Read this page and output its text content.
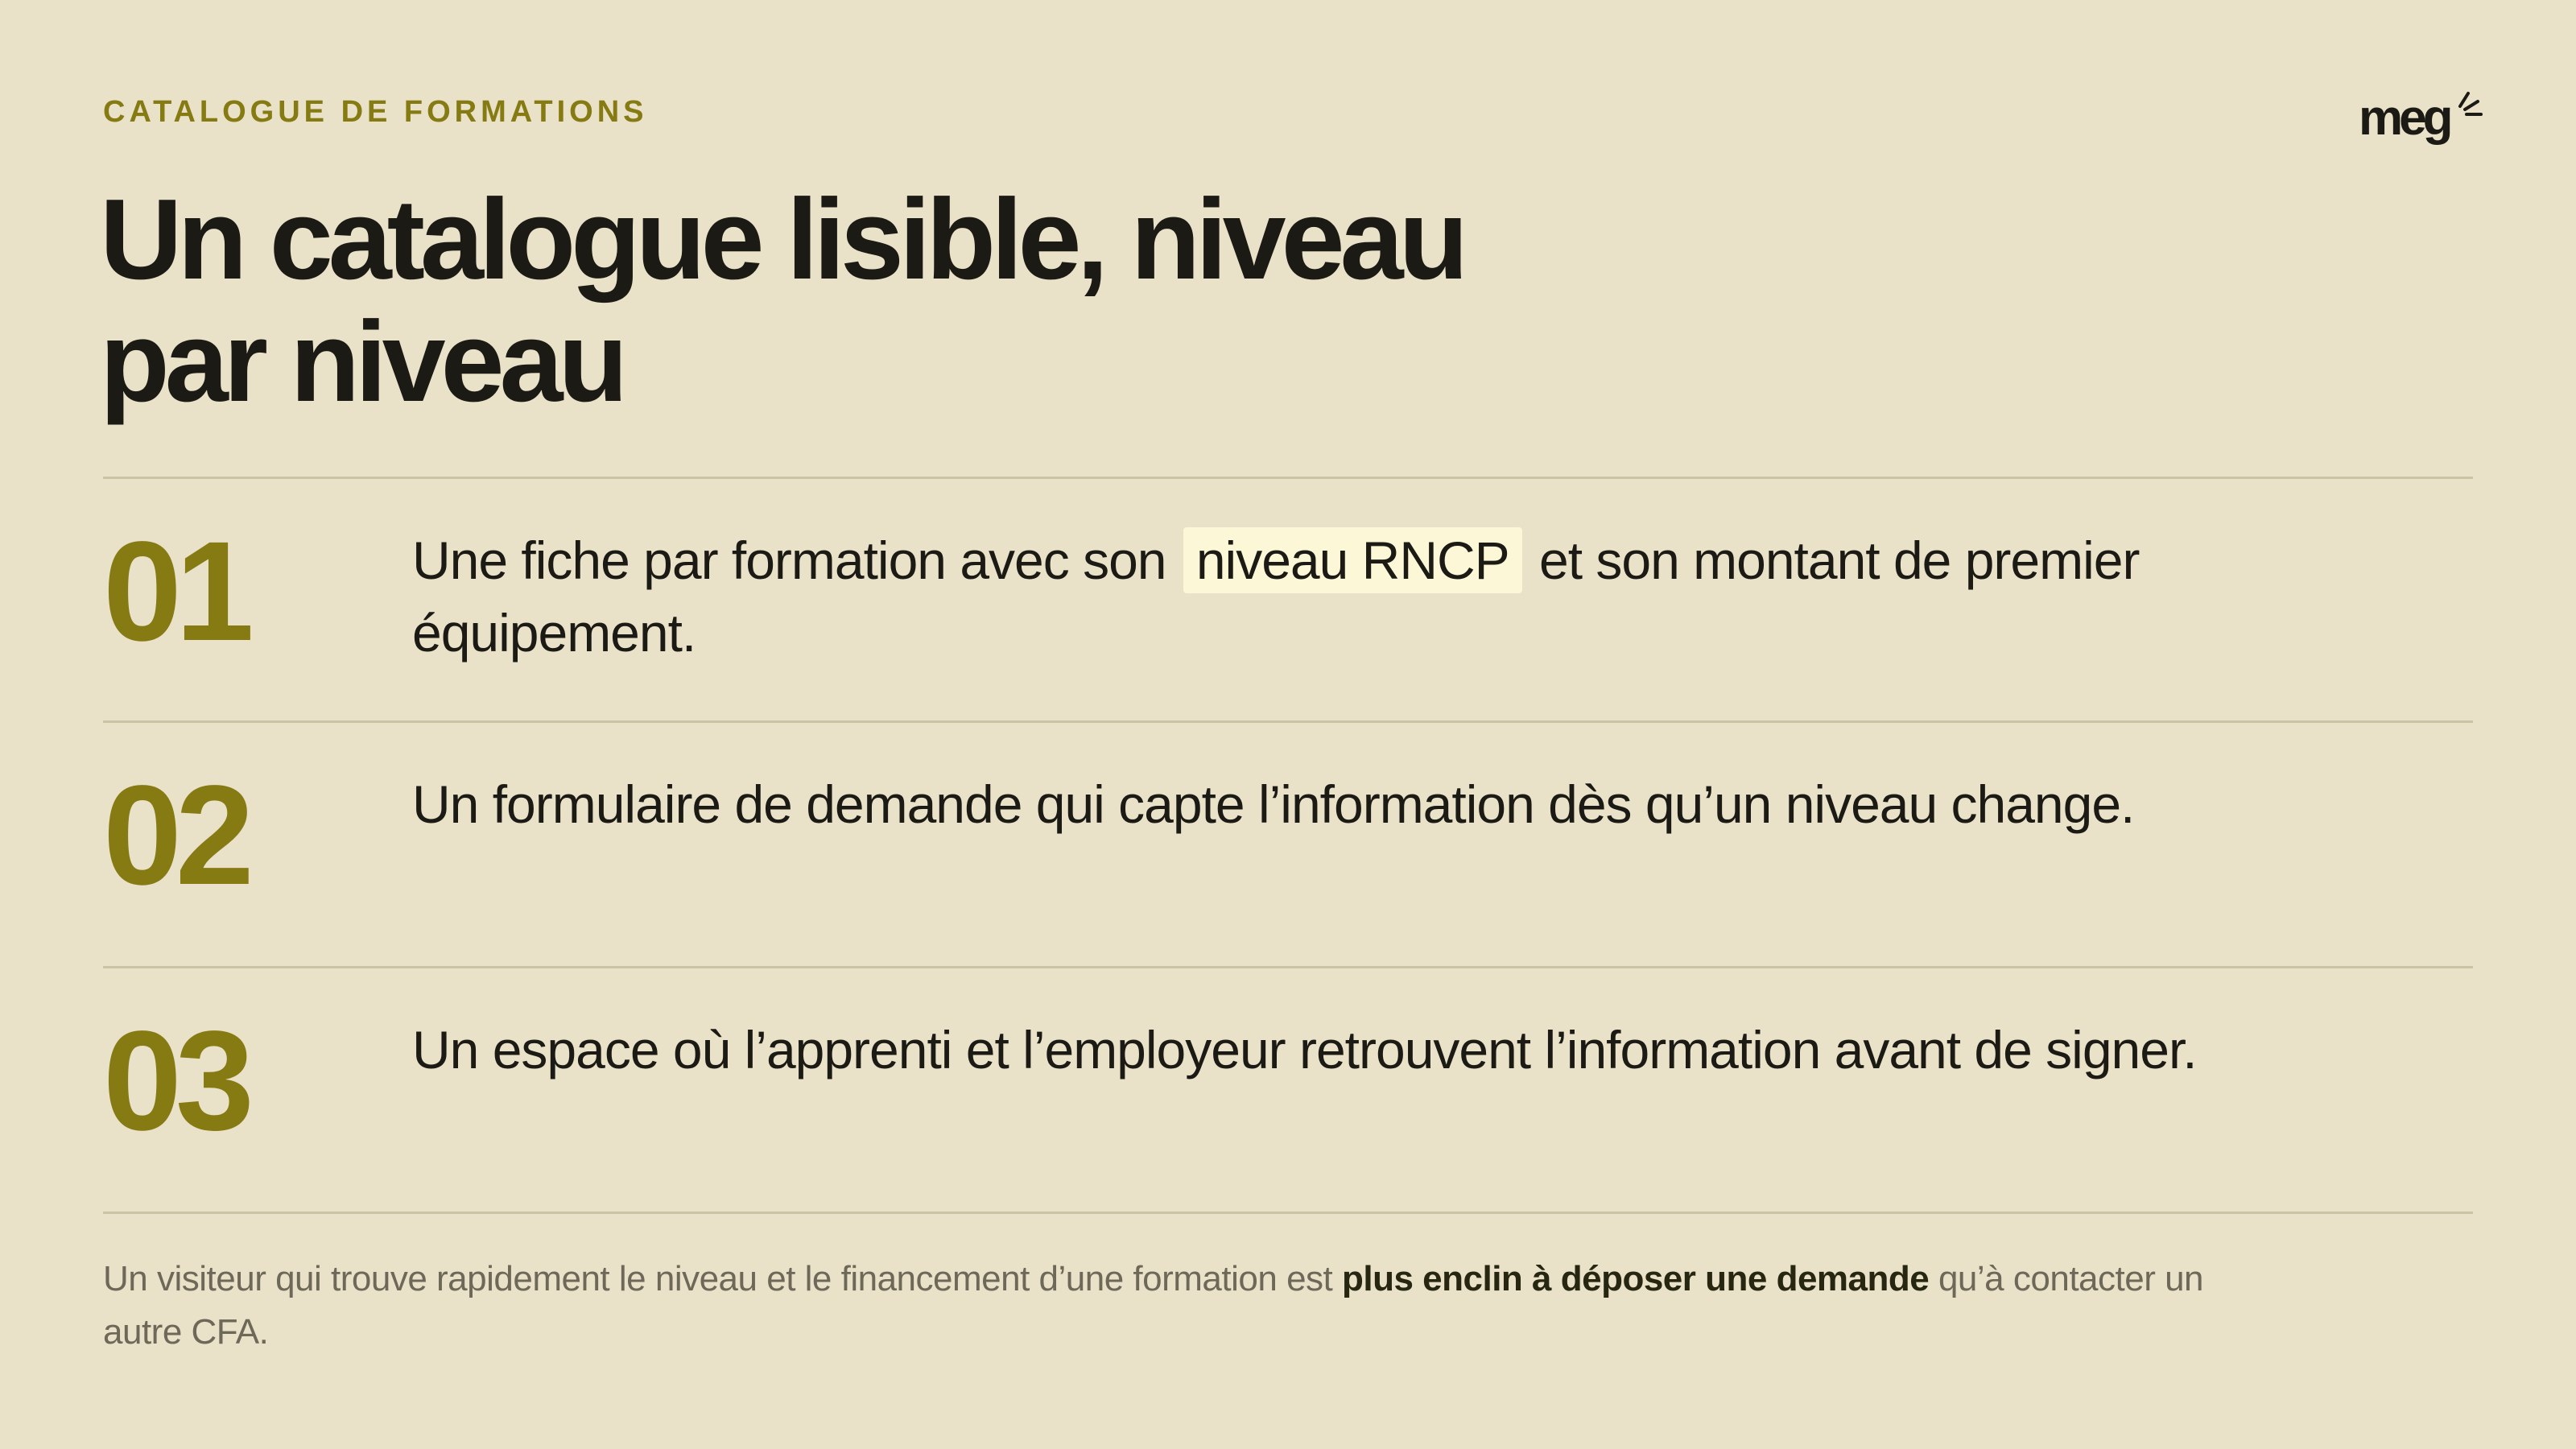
CATALOGUE DE FORMATIONS	meg
Un catalogue lisible, niveau
par niveau
01	Une fiche par formation avec son niveau RNCP et son montant de premier équipement.
02	Un formulaire de demande qui capte l’information dès qu’un niveau change.
03	Un espace où l’apprenti et l’employeur retrouvent l’information avant de signer.
Un visiteur qui trouve rapidement le niveau et le financement d’une formation est plus enclin à déposer une demande qu’à contacter un autre CFA.
